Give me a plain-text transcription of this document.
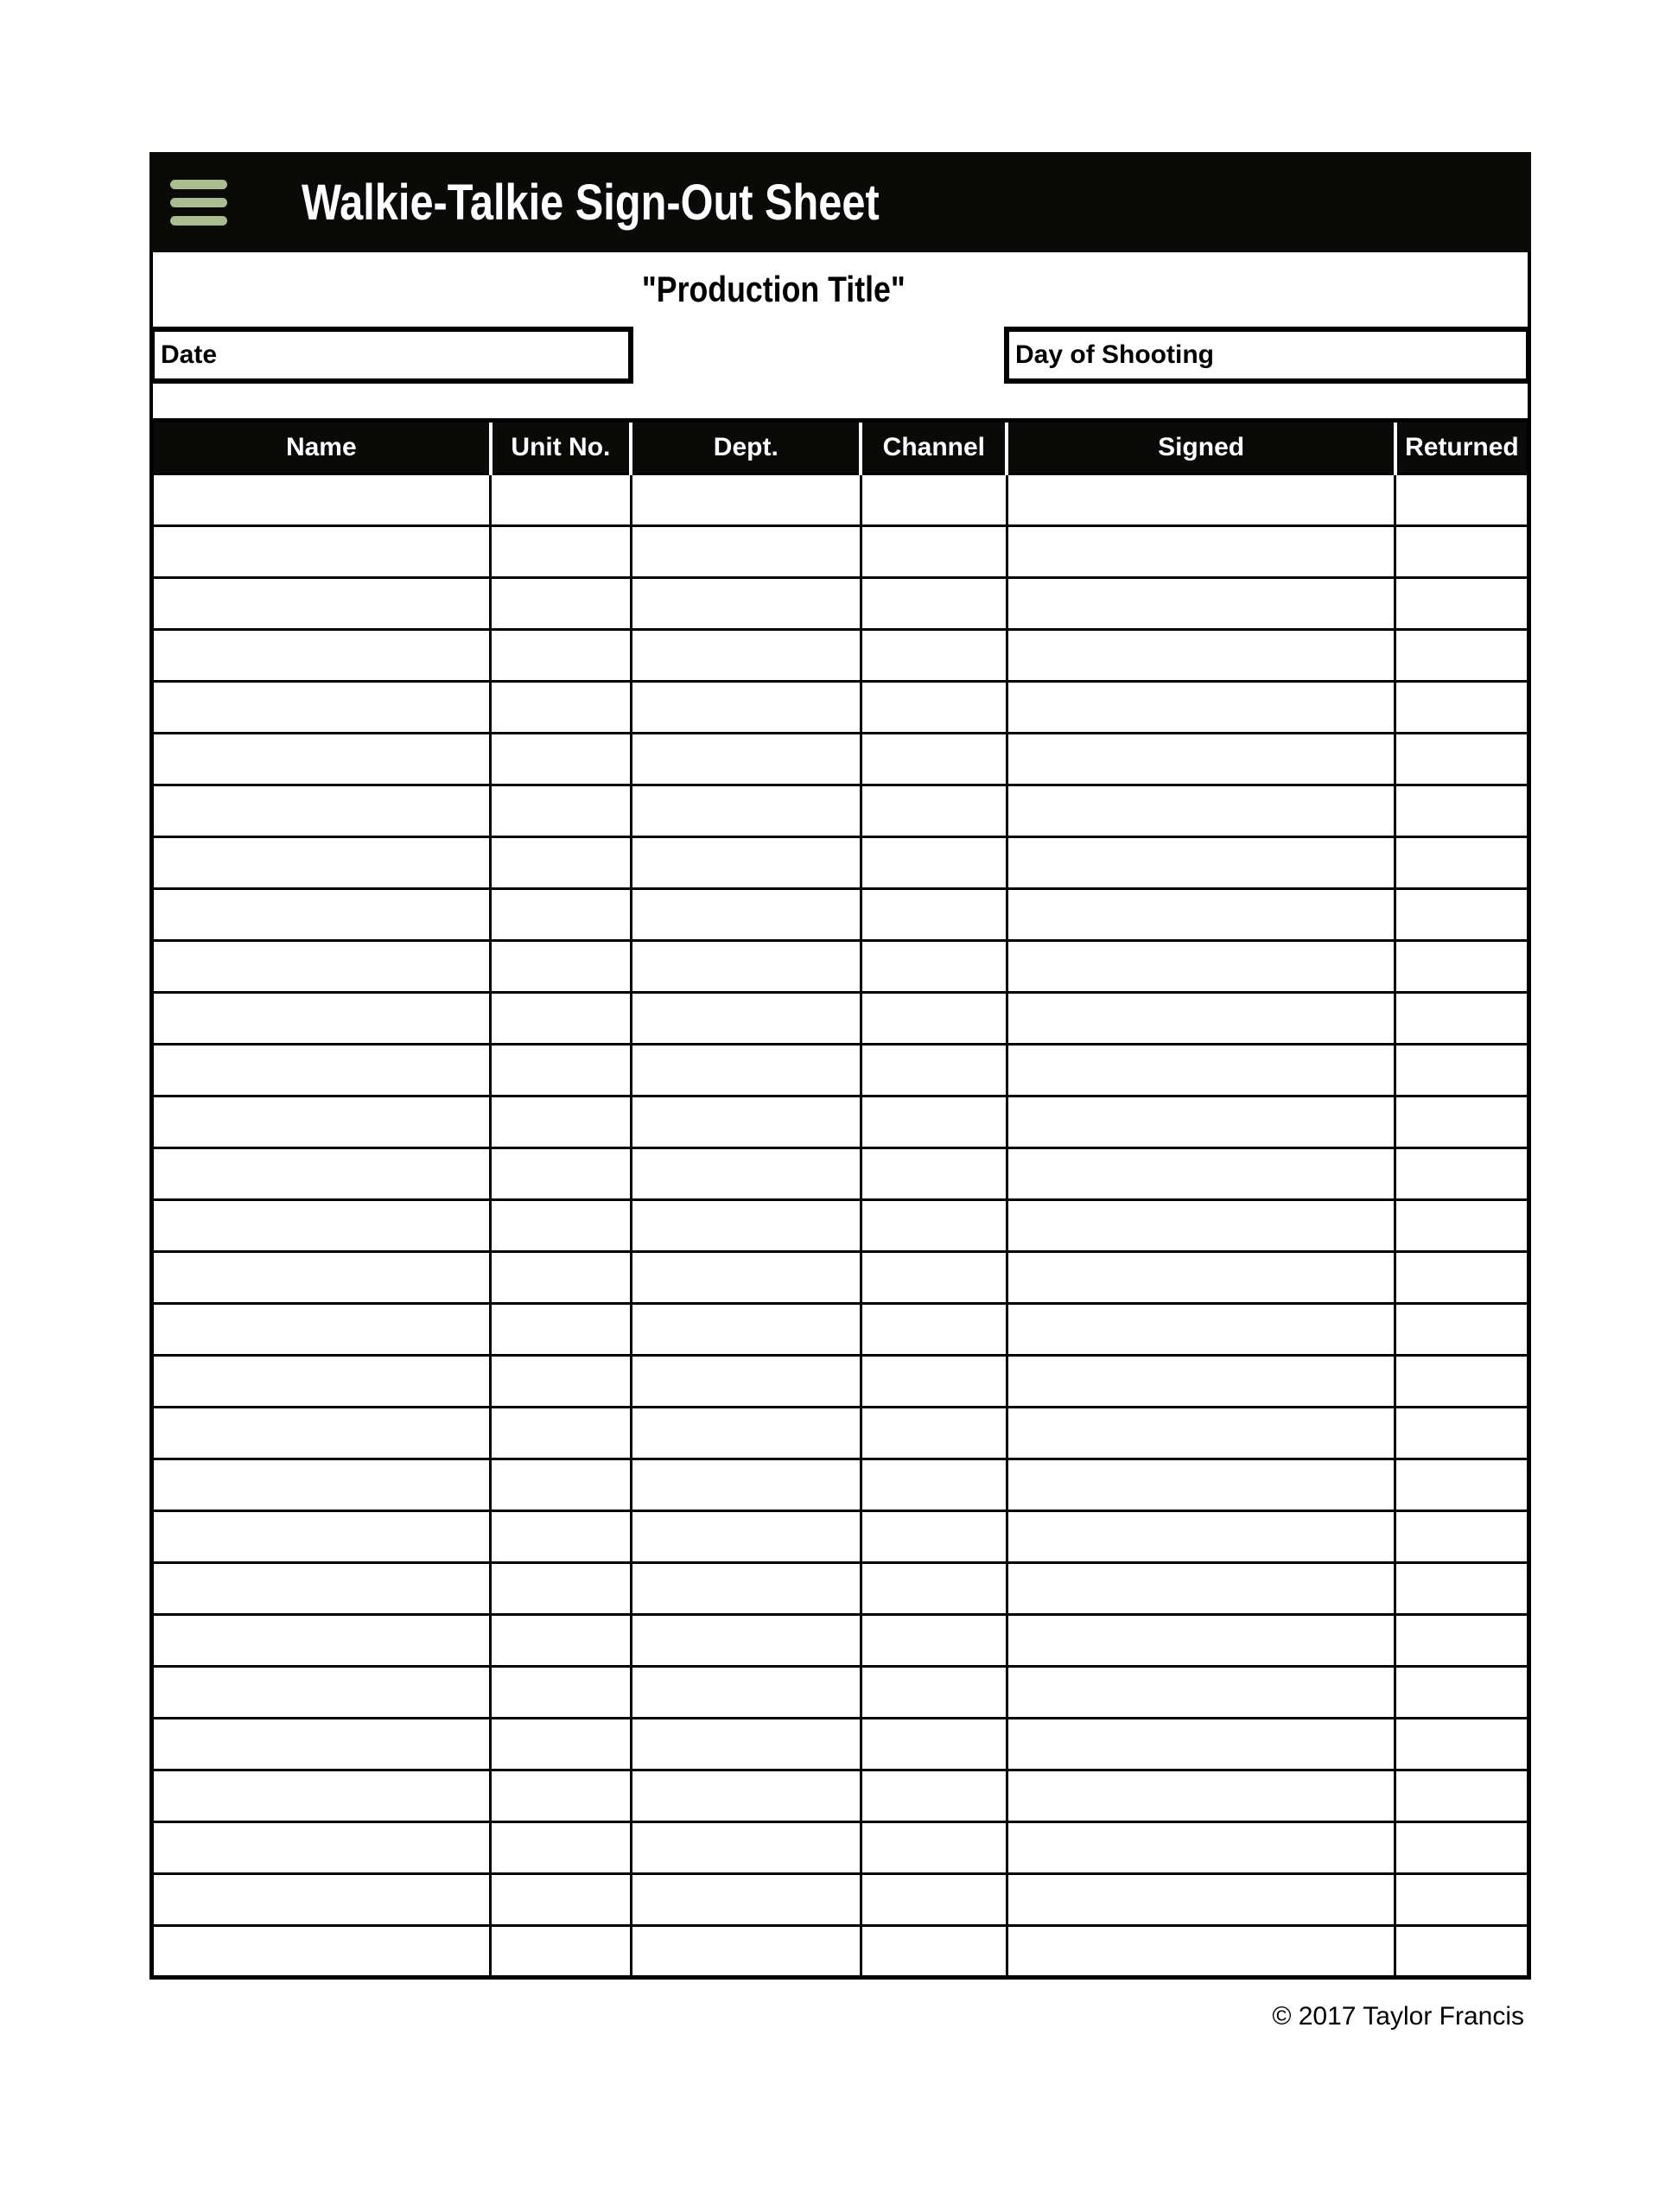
Walkie-Talkie Sign-Out Sheet
"Production Title"
Date	Day of Shooting
Name	Unit No.	Dept.	Channel	Signed	Returned

© 2017 Taylor Francis
